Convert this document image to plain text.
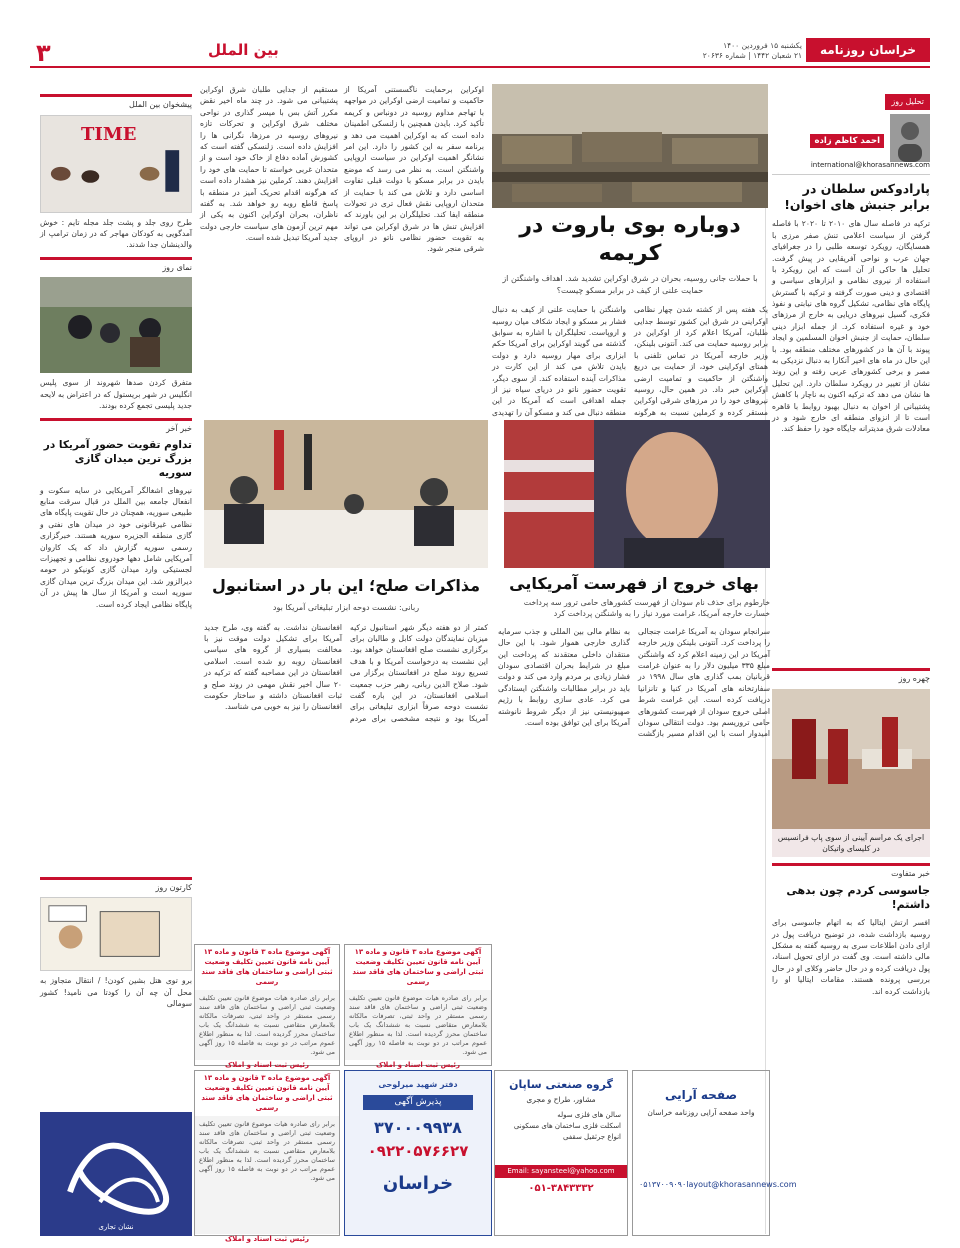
۳	بین الملل	یکشنبه ۱۵ فروردین ۱۴۰۰
۲۱ شعبان ۱۴۴۲ | شماره ۲۰۶۳۶	خراسان روزنامه صبح ایران
تحلیل روز
احمد کاظم زاده
international@khorasannews.com
پارادوکس سلطان در برابر جنبش های اخوان!
ترکیه در فاصله سال های ۲۰۱۰ تا ۲۰۲۰ با فاصله گرفتن از سیاست اعلامی تنش صفر مرزی با همسایگان، رویکرد توسعه طلبی را در جغرافیای جهان عرب و نواحی آفریقایی در پیش گرفت. تحلیل ها حاکی از آن است که این رویکرد با استفاده از نیروی نظامی و ابزارهای سیاسی و اقتصادی و دینی صورت گرفته و ترکیه با گسترش پایگاه های نظامی، تشکیل گروه های نیابتی و نفوذ فکری، گسیل نیروهای دریایی به خارج از مرزهای خود و غیره استفاده کرد. از جمله ابزار دینی سلطان، حمایت از جنبش اخوان المسلمین و ایجاد پیوند با آن ها در کشورهای مختلف منطقه بود. با این حال در ماه های اخیر آنکارا به دنبال نزدیکی به مصر و برخی کشورهای عربی رفته و این روند نشان از تغییر در رویکرد سلطان دارد. این تحلیل ها نشان می دهد که ترکیه اکنون به ناچار با کاهش پشتیبانی از اخوان به دنبال بهبود روابط با قاهره است تا از انزوای منطقه ای خارج شود و در معادلات شرق مدیترانه جایگاه خود را حفظ کند.
چهره روز
اجرای یک مراسم آیینی از سوی پاپ فرانسیس در کلیسای واتیکان
خبر متفاوت
جاسوسی کردم چون بدهی داشتم!
افسر ارتش ایتالیا که به اتهام جاسوسی برای روسیه بازداشت شده، در توضیح دریافت پول در ازای دادن اطلاعات سری به روسیه گفته به مشکل مالی داشته است. وی گفت در ازای تحویل اسناد، پول دریافت کرده و در حال حاضر وکلای او در حال بررسی پرونده هستند. مقامات ایتالیا او را بازداشت کرده اند.
دوباره بوی باروت در کریمه
با حملات جانی روسیه، بحران در شرق اوکراین تشدید شد. اهداف واشنگتن از حمایت علنی از کیف در برابر مسکو چیست؟
یک هفته پس از کشته شدن چهار نظامی اوکراینی در شرق این کشور توسط جدایی طلبان، آمریکا اعلام کرد از اوکراین در برابر روسیه حمایت می کند. آنتونی بلینکن، وزیر خارجه آمریکا در تماس تلفنی با همتای اوکراینی خود، از حمایت بی دریغ واشنگتن از حاکمیت و تمامیت ارضی اوکراین خبر داد. در همین حال، روسیه نیروهای خود را در مرزهای شرقی اوکراین مستقر کرده و کرملین نسبت به هرگونه واشنگتن با حمایت علنی از کیف به دنبال فشار بر مسکو و ایجاد شکاف میان روسیه و اروپاست. تحلیلگران با اشاره به سوابق گذشته می گویند اوکراین برای آمریکا حکم ابزاری برای مهار روسیه دارد و دولت بایدن تلاش می کند از این کارت در مذاکرات آینده استفاده کند. از سوی دیگر، تقویت حضور ناتو در دریای سیاه نیز از جمله اهدافی است که آمریکا در این منطقه دنبال می کند و مسکو آن را تهدیدی
اوکراین برحمایت ناگسستنی آمریکا از حاکمیت و تمامیت ارضی اوکراین در مواجهه با تهاجم مداوم روسیه در دونباس و کریمه تأکید کرد. بایدن همچنین با زلنسکی اطمینان داده است که به اوکراین اهمیت می دهد و برنامه سفر به این کشور را دارد. این امر نشانگر اهمیت اوکراین در سیاست اروپایی واشنگتن است. به نظر می رسد که موضع بایدن در برابر مسکو با دولت قبلی تفاوت اساسی دارد و تلاش می کند با حمایت از متحدان اروپایی نقش فعال تری در تحولات منطقه ایفا کند. تحلیلگران بر این باورند که افزایش تنش ها در شرق اوکراین می تواند به تقویت حضور نظامی ناتو در اروپای شرقی منجر شود.
مستقیم از جدایی طلبان شرق اوکراین پشتیبانی می شود. در چند ماه اخیر نقض مکرر آتش بس با میسر گذاری در نواحی مختلف شرق اوکراین و تحرکات تازه نیروهای روسیه در مرزها، نگرانی ها را افزایش داده است. زلنسکی گفته است که کشورش آماده دفاع از خاک خود است و از متحدان غربی خواسته تا حمایت های خود را افزایش دهند. کرملین نیز هشدار داده است که هرگونه اقدام تحریک آمیز در منطقه با پاسخ قاطع روبه رو خواهد شد. به گفته ناظران، بحران اوکراین اکنون به یکی از مهم ترین آزمون های سیاست خارجی دولت جدید آمریکا تبدیل شده است.
بهای خروج از فهرست آمریکایی
خارطوم برای حذف نام سودان از فهرست کشورهای حامی ترور سه پرداخت خسارت خارجه آمریکا، غرامت مورد نیاز را به واشنگتن پرداخت کرد
سرانجام سودان به آمریکا غرامت جنجالی را پرداخت کرد. آنتونی بلینکن وزیر خارجه آمریکا در این زمینه اعلام کرد که واشنگتن مبلغ ۳۳۵ میلیون دلار را به عنوان غرامت قربانیان بمب گذاری های سال ۱۹۹۸ در سفارتخانه های آمریکا در کنیا و تانزانیا دریافت کرده است. این غرامت شرط اصلی خروج سودان از فهرست کشورهای حامی تروریسم بود. دولت انتقالی سودان امیدوار است با این اقدام مسیر بازگشت به نظام مالی بین المللی و جذب سرمایه گذاری خارجی هموار شود. با این حال منتقدان داخلی معتقدند که پرداخت این مبلغ در شرایط بحران اقتصادی سودان فشار زیادی بر مردم وارد می کند و دولت باید در برابر مطالبات واشنگتن ایستادگی می کرد. عادی سازی روابط با رژیم صهیونیستی نیز از دیگر شروط نانوشته آمریکا برای این توافق بوده است.
مذاکرات صلح؛ این بار در استانبول
ربانی: نشست دوحه ابزار تبلیغاتی آمریکا بود
کمتر از دو هفته دیگر شهر استانبول ترکیه میزبان نمایندگان دولت کابل و طالبان برای برگزاری نشست صلح افغانستان خواهد بود. این نشست به درخواست آمریکا و با هدف تسریع روند صلح در افغانستان برگزار می شود. صلاح الدین ربانی، رهبر حزب جمعیت اسلامی افغانستان، در این باره گفت نشست دوحه صرفاً ابزاری تبلیغاتی برای آمریکا بود و نتیجه مشخصی برای مردم افغانستان نداشت. به گفته وی، طرح جدید آمریکا برای تشکیل دولت موقت نیز با مخالفت بسیاری از گروه های سیاسی افغانستان روبه رو شده است. اسلامی افغانستان در این مصاحبه گفته که ترکیه در ۲۰ سال اخیر نقش مهمی در روند صلح و ثبات افغانستان داشته و ساختار حکومت افغانستان را نیز به خوبی می شناسد.
پیشخوان بین الملل
TIME
طرح روی جلد و پشت جلد مجله تایم : خوش آمدگویی به کودکان مهاجر که در زمان ترامپ از والدینشان جدا شدند.
نمای روز
متفرق کردن صدها شهروند از سوی پلیس انگلیس در شهر بریستول که در اعتراض به لایحه جدید پلیسی تجمع کرده بودند.
خبر آخر
تداوم تقویت حضور آمریکا در بزرگ ترین میدان گازی سوریه
نیروهای اشغالگر آمریکایی در سایه سکوت و انفعال جامعه بین الملل در قبال سرقت منابع طبیعی سوریه، همچنان در حال تقویت پایگاه های نظامی غیرقانونی خود در میدان های نفتی و گازی منطقه الجزیره سوریه هستند. خبرگزاری رسمی سوریه گزارش داد که یک کاروان آمریکایی شامل دهها خودروی نظامی و تجهیزات لجستیکی وارد میدان گازی کونیکو در حومه دیرالزور شد. این میدان بزرگ ترین میدان گازی سوریه است و آمریکا از سال ها پیش در آن پایگاه نظامی ایجاد کرده است.
کارتون روز
برو توی هتل بشین کودن! / انتقال متجاوز به محل آن چه آن را کودتا می نامید! کشور سومالی
آگهی موضوع ماده ۳ قانون و ماده ۱۳ آیین نامه قانون تعیین تکلیف وضعیت ثبتی اراضی و ساختمان های فاقد سند رسمی
برابر رای صادره هیات موضوع قانون تعیین تکلیف وضعیت ثبتی اراضی و ساختمان های فاقد سند رسمی مستقر در واحد ثبتی، تصرفات مالکانه بلامعارض متقاضی نسبت به ششدانگ یک باب ساختمان محرز گردیده است. لذا به منظور اطلاع عموم مراتب در دو نوبت به فاصله ۱۵ روز آگهی می شود.
رئیس ثبت اسناد و املاک
آگهی موضوع ماده ۳ قانون و ماده ۱۳ آیین نامه قانون تعیین تکلیف وضعیت ثبتی اراضی و ساختمان های فاقد سند رسمی
برابر رای صادره هیات موضوع قانون تعیین تکلیف وضعیت ثبتی اراضی و ساختمان های فاقد سند رسمی مستقر در واحد ثبتی، تصرفات مالکانه بلامعارض متقاضی نسبت به ششدانگ یک باب ساختمان محرز گردیده است. لذا به منظور اطلاع عموم مراتب در دو نوبت به فاصله ۱۵ روز آگهی می شود.
رئیس ثبت اسناد و املاک
آگهی موضوع ماده ۳ قانون و ماده ۱۳ آیین نامه قانون تعیین تکلیف وضعیت ثبتی اراضی و ساختمان های فاقد سند رسمی
برابر رای صادره هیات موضوع قانون تعیین تکلیف وضعیت ثبتی اراضی و ساختمان های فاقد سند رسمی مستقر در واحد ثبتی، تصرفات مالکانه بلامعارض متقاضی نسبت به ششدانگ یک باب ساختمان محرز گردیده است. لذا به منظور اطلاع عموم مراتب در دو نوبت به فاصله ۱۵ روز آگهی می شود.
رئیس ثبت اسناد و املاک
دفتر شهید میرلوحی
پذیرش آگهی
۳۷۰۰۰۹۹۳۸
۰۹۲۲۰۵۷۶۶۲۷
خراسان
گروه صنعتی ساپان
مشاور، طراح و مجری
سالن های فلزی سوله
اسکلت فلزی ساختمان های مسکونی
انواع جرثقیل سقفی
Email: sayansteel@yahoo.com
۰۵۱-۳۸۴۳۳۳۲
صفحه آرایی
واحد صفحه آرایی روزنامه خراسان
۰۵۱۳۷۰۰۹۰۹۰ layout@khorasannews.com
نشان تجاری
